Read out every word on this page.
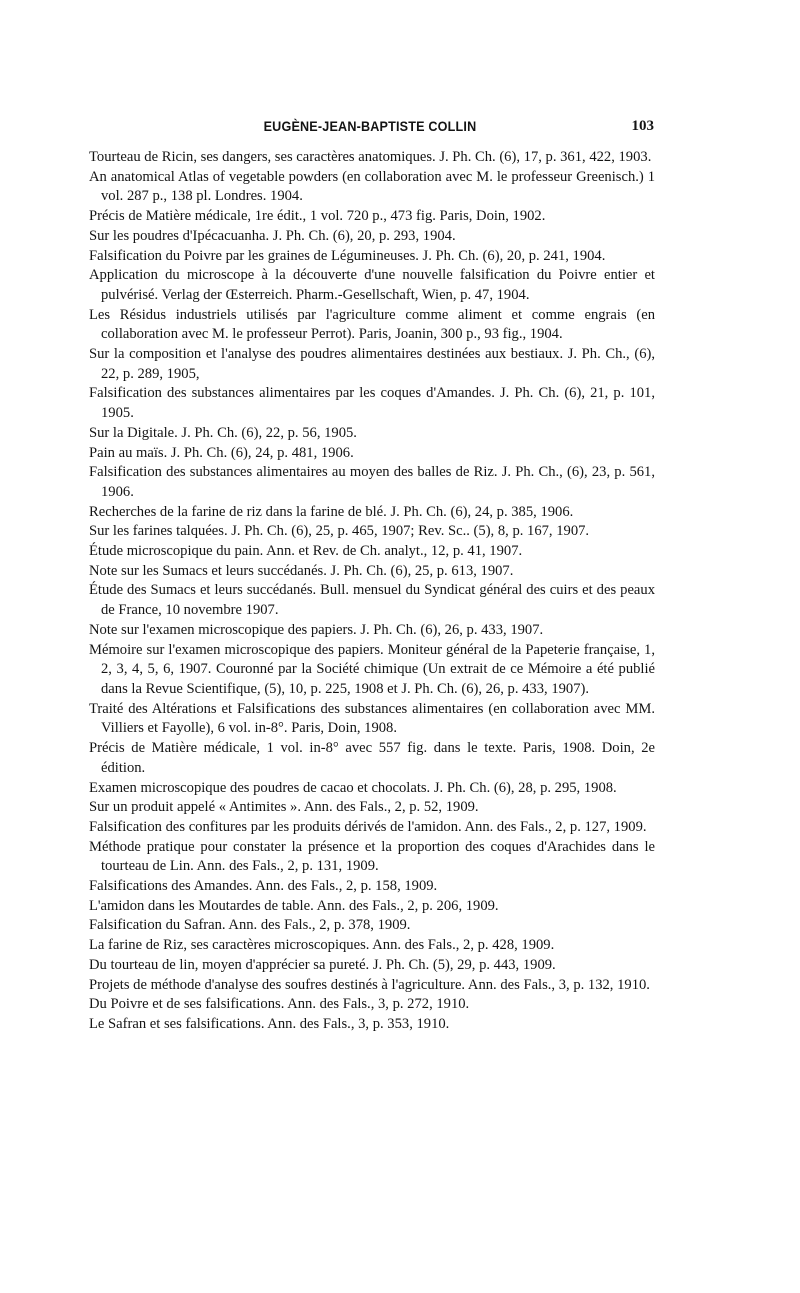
EUGÈNE-JEAN-BAPTISTE COLLIN	103

Tourteau de Ricin, ses dangers, ses caractères anatomiques. J. Ph. Ch. (6), 17, p. 361, 422, 1903.

An anatomical Atlas of vegetable powders (en collaboration avec M. le professeur Greenisch.) 1 vol. 287 p., 138 pl. Londres. 1904.

Précis de Matière médicale, 1re édit., 1 vol. 720 p., 473 fig. Paris, Doin, 1902.

Sur les poudres d'Ipécacuanha. J. Ph. Ch. (6), 20, p. 293, 1904.

Falsification du Poivre par les graines de Légumineuses. J. Ph. Ch. (6), 20, p. 241, 1904.

Application du microscope à la découverte d'une nouvelle falsification du Poivre entier et pulvérisé. Verlag der Œsterreich. Pharm.-Gesellschaft, Wien, p. 47, 1904.

Les Résidus industriels utilisés par l'agriculture comme aliment et comme engrais (en collaboration avec M. le professeur Perrot). Paris, Joanin, 300 p., 93 fig., 1904.

Sur la composition et l'analyse des poudres alimentaires destinées aux bestiaux. J. Ph. Ch., (6), 22, p. 289, 1905,

Falsification des substances alimentaires par les coques d'Amandes. J. Ph. Ch. (6), 21, p. 101, 1905.

Sur la Digitale. J. Ph. Ch. (6), 22, p. 56, 1905.

Pain au maïs. J. Ph. Ch. (6), 24, p. 481, 1906.

Falsification des substances alimentaires au moyen des balles de Riz. J. Ph. Ch., (6), 23, p. 561, 1906.

Recherches de la farine de riz dans la farine de blé. J. Ph. Ch. (6), 24, p. 385, 1906.

Sur les farines talquées. J. Ph. Ch. (6), 25, p. 465, 1907; Rev. Sc.. (5), 8, p. 167, 1907.

Étude microscopique du pain. Ann. et Rev. de Ch. analyt., 12, p. 41, 1907.

Note sur les Sumacs et leurs succédanés. J. Ph. Ch. (6), 25, p. 613, 1907.

Étude des Sumacs et leurs succédanés. Bull. mensuel du Syndicat général des cuirs et des peaux de France, 10 novembre 1907.

Note sur l'examen microscopique des papiers. J. Ph. Ch. (6), 26, p. 433, 1907.

Mémoire sur l'examen microscopique des papiers. Moniteur général de la Papeterie française, 1, 2, 3, 4, 5, 6, 1907. Couronné par la Société chimique (Un extrait de ce Mémoire a été publié dans la Revue Scientifique, (5), 10, p. 225, 1908 et J. Ph. Ch. (6), 26, p. 433, 1907).

Traité des Altérations et Falsifications des substances alimentaires (en collaboration avec MM. Villiers et Fayolle), 6 vol. in-8°. Paris, Doin, 1908.

Précis de Matière médicale, 1 vol. in-8° avec 557 fig. dans le texte. Paris, 1908. Doin, 2e édition.

Examen microscopique des poudres de cacao et chocolats. J. Ph. Ch. (6), 28, p. 295, 1908.

Sur un produit appelé « Antimites ». Ann. des Fals., 2, p. 52, 1909.

Falsification des confitures par les produits dérivés de l'amidon. Ann. des Fals., 2, p. 127, 1909.

Méthode pratique pour constater la présence et la proportion des coques d'Arachides dans le tourteau de Lin. Ann. des Fals., 2, p. 131, 1909.

Falsifications des Amandes. Ann. des Fals., 2, p. 158, 1909.

L'amidon dans les Moutardes de table. Ann. des Fals., 2, p. 206, 1909.

Falsification du Safran. Ann. des Fals., 2, p. 378, 1909.

La farine de Riz, ses caractères microscopiques. Ann. des Fals., 2, p. 428, 1909.

Du tourteau de lin, moyen d'apprécier sa pureté. J. Ph. Ch. (5), 29, p. 443, 1909.

Projets de méthode d'analyse des soufres destinés à l'agriculture. Ann. des Fals., 3, p. 132, 1910.

Du Poivre et de ses falsifications. Ann. des Fals., 3, p. 272, 1910.

Le Safran et ses falsifications. Ann. des Fals., 3, p. 353, 1910.
